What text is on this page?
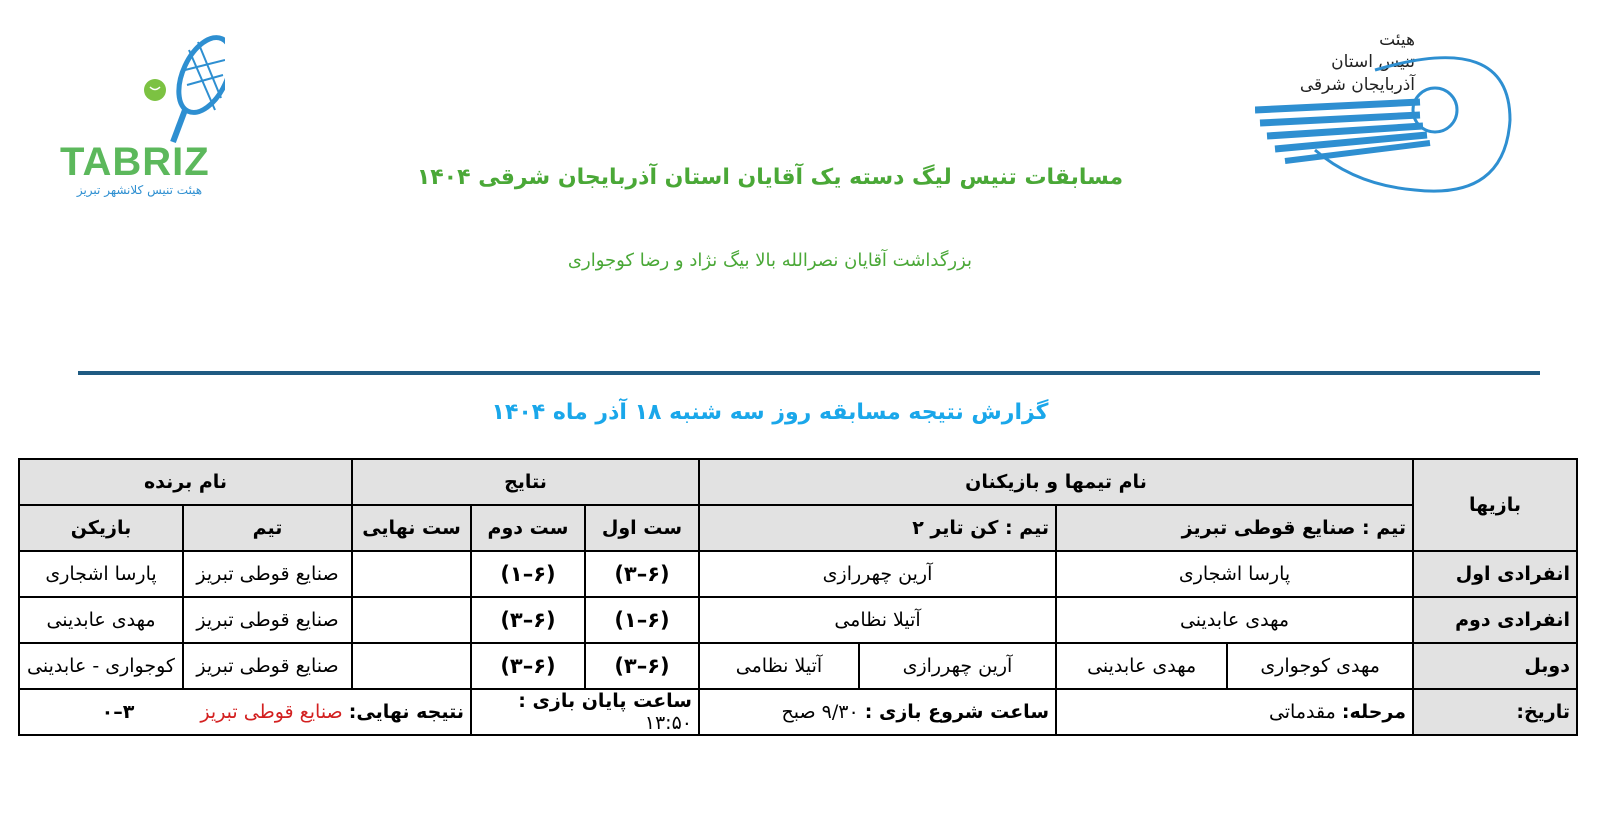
TABRIZ
هیئت تنیس کلانشهر تبریز
هیئت
تنیس استان
آذربایجان شرقی
مسابقات تنیس لیگ دسته یک آقایان استان آذربایجان شرقی ۱۴۰۴
بزرگداشت آقایان نصرالله بالا بیگ نژاد و رضا کوجواری
گزارش نتیجه مسابقه روز سه شنبه ۱۸ آذر ماه ۱۴۰۴
بازیها	نام تیمها و بازیکنان				نتایج			نام برنده	
	تیم : صنایع قوطی تبریز		تیم : کن تایر ۲		ست اول	ست دوم	ست نهایی	تیم	بازیکن
انفرادی اول	پارسا اشجاری		آرین چهررازی		(۳–۶)	(۱–۶)		صنایع قوطی تبریز	پارسا اشجاری
انفرادی دوم	مهدی عابدینی		آتیلا نظامی		(۱–۶)	(۳–۶)		صنایع قوطی تبریز	مهدی عابدینی
دوبل	مهدی کوجواری	مهدی عابدینی	آرین چهررازی	آتیلا نظامی	(۳–۶)	(۳–۶)		صنایع قوطی تبریز	کوجواری - عابدینی
تاریخ:	مرحله: مقدماتی		ساعت شروع بازی : ۹/۳۰ صبح		ساعت پایان بازی : ۱۳:۵۰		نتیجه نهایی: صنایع قوطی تبریز ۰–۳		
